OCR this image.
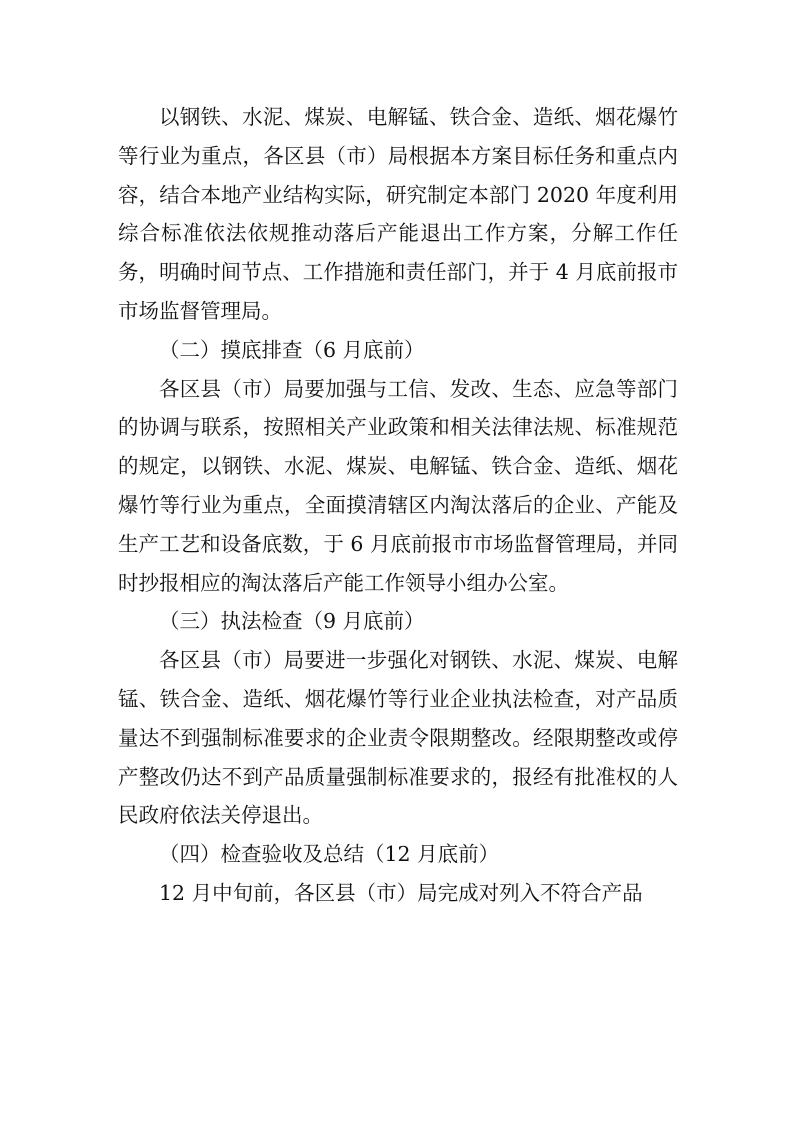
以钢铁、水泥、煤炭、电解锰、铁合金、造纸、烟花爆竹等行业为重点，各区县（市）局根据本方案目标任务和重点内容，结合本地产业结构实际，研究制定本部门 2020 年度利用综合标准依法依规推动落后产能退出工作方案，分解工作任务，明确时间节点、工作措施和责任部门，并于 4 月底前报市市场监督管理局。

（二）摸底排查（6 月底前）

各区县（市）局要加强与工信、发改、生态、应急等部门的协调与联系，按照相关产业政策和相关法律法规、标准规范的规定，以钢铁、水泥、煤炭、电解锰、铁合金、造纸、烟花爆竹等行业为重点，全面摸清辖区内淘汰落后的企业、产能及生产工艺和设备底数，于 6 月底前报市市场监督管理局，并同时抄报相应的淘汰落后产能工作领导小组办公室。

（三）执法检查（9 月底前）

各区县（市）局要进一步强化对钢铁、水泥、煤炭、电解锰、铁合金、造纸、烟花爆竹等行业企业执法检查，对产品质量达不到强制标准要求的企业责令限期整改。经限期整改或停产整改仍达不到产品质量强制标准要求的，报经有批准权的人民政府依法关停退出。

（四）检查验收及总结（12 月底前）

12 月中旬前，各区县（市）局完成对列入不符合产品
